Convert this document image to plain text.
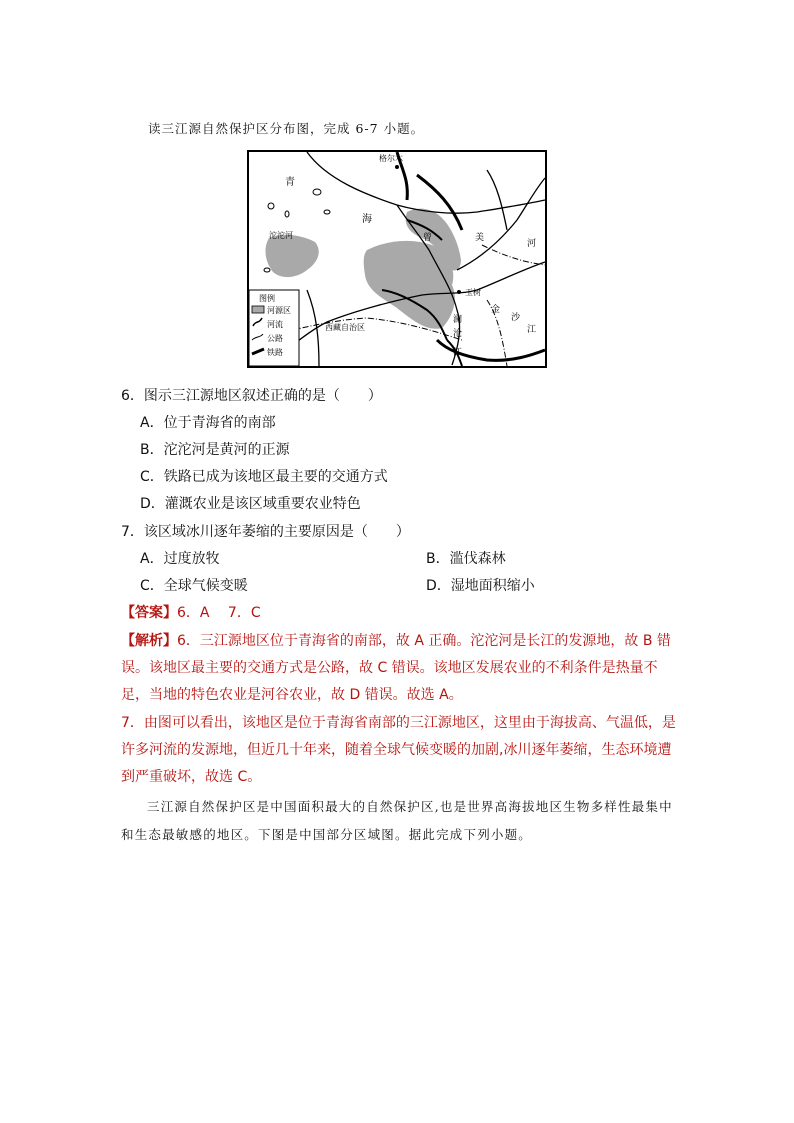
读三江源自然保护区分布图，完成 6-7 小题。
青
海
格尔木
沱沱河	曾	美
河
玉树
金
沙
江
澜
沧
江
西藏自治区
图例
河源区
河流
公路
铁路
6．图示三江源地区叙述正确的是（　　）
A．位于青海省的南部
B．沱沱河是黄河的正源
C．铁路已成为该地区最主要的交通方式
D．灌溉农业是该区域重要农业特色
7．该区域冰川逐年萎缩的主要原因是（　　）
A．过度放牧	B．滥伐森林
C．全球气候变暖	D．湿地面积缩小
【答案】6．A　 7．C
【解析】6．三江源地区位于青海省的南部，故 A 正确。沱沱河是长江的发源地，故 B 错误。该地区最主要的交通方式是公路，故 C 错误。该地区发展农业的不利条件是热量不足，当地的特色农业是河谷农业，故 D 错误。故选 A。
7．由图可以看出，该地区是位于青海省南部的三江源地区，这里由于海拔高、气温低，是许多河流的发源地，但近几十年来，随着全球气候变暖的加剧,冰川逐年萎缩，生态环境遭到严重破坏，故选 C。
三江源自然保护区是中国面积最大的自然保护区,也是世界高海拔地区生物多样性最集中和生态最敏感的地区。下图是中国部分区域图。据此完成下列小题。
